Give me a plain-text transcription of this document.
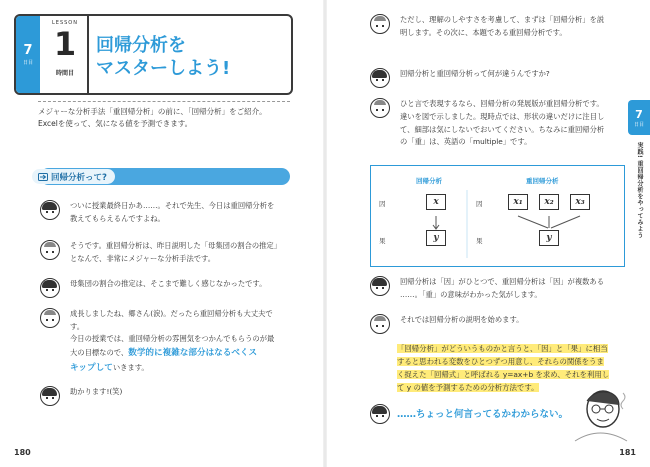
7
日目
LESSON
1
時間目
回帰分析を
マスターしよう!
メジャーな分析手法「重回帰分析」の前に、「回帰分析」をご紹介。
Excelを使って、気になる値を予測できます。
回帰分析って?
ついに授業最終日かあ……。それで先生、今日は重回帰分析を
教えてもらえるんですよね。
そうです。重回帰分析は、昨日説明した「母集団の割合の推定」
となんで、非常にメジャーな分析手法です。
母集団の割合の推定は、そこまで難しく感じなかったです。
成長しましたね、郷さん(涙)。だったら重回帰分析も大丈夫で
す。
今日の授業では、重回帰分析の雰囲気をつかんでもらうのが最
大の目標なので、数学的に複雑な部分はなるべくス
キップしていきます。
助かります!(笑)
180
ただし、理解のしやすさを考慮して、まずは「回帰分析」を説
明します。その次に、本題である重回帰分析です。
回帰分析と重回帰分析って何が違うんですか?
ひと言で表現するなら、回帰分析の発展版が重回帰分析です。
違いを図で示しました。現時点では、形状の違いだけに注目し
て、細部は気にしないでおいてください。ちなみに重回帰分析
の「重」は、英語の「multiple」です。
7
日目
実践! 重回帰分析をやってみよう
回帰分析	重回帰分析
因
果
因
果
x
y
x₁	x₂	x₃
y
回帰分析は「因」がひとつで、重回帰分析は「因」が複数ある
……。「重」の意味がわかった気がします。
それでは回帰分析の説明を始めます。
「回帰分析」がどういうものかと言うと、「因」と「果」に相当
すると思われる変数をひとつずつ用意し、それらの関係をうま
く捉えた「回帰式」と呼ばれる y=ax+b を求め、それを利用し
て y の値を予測するための分析方法です。
……ちょっと何言ってるかわからない。
181
